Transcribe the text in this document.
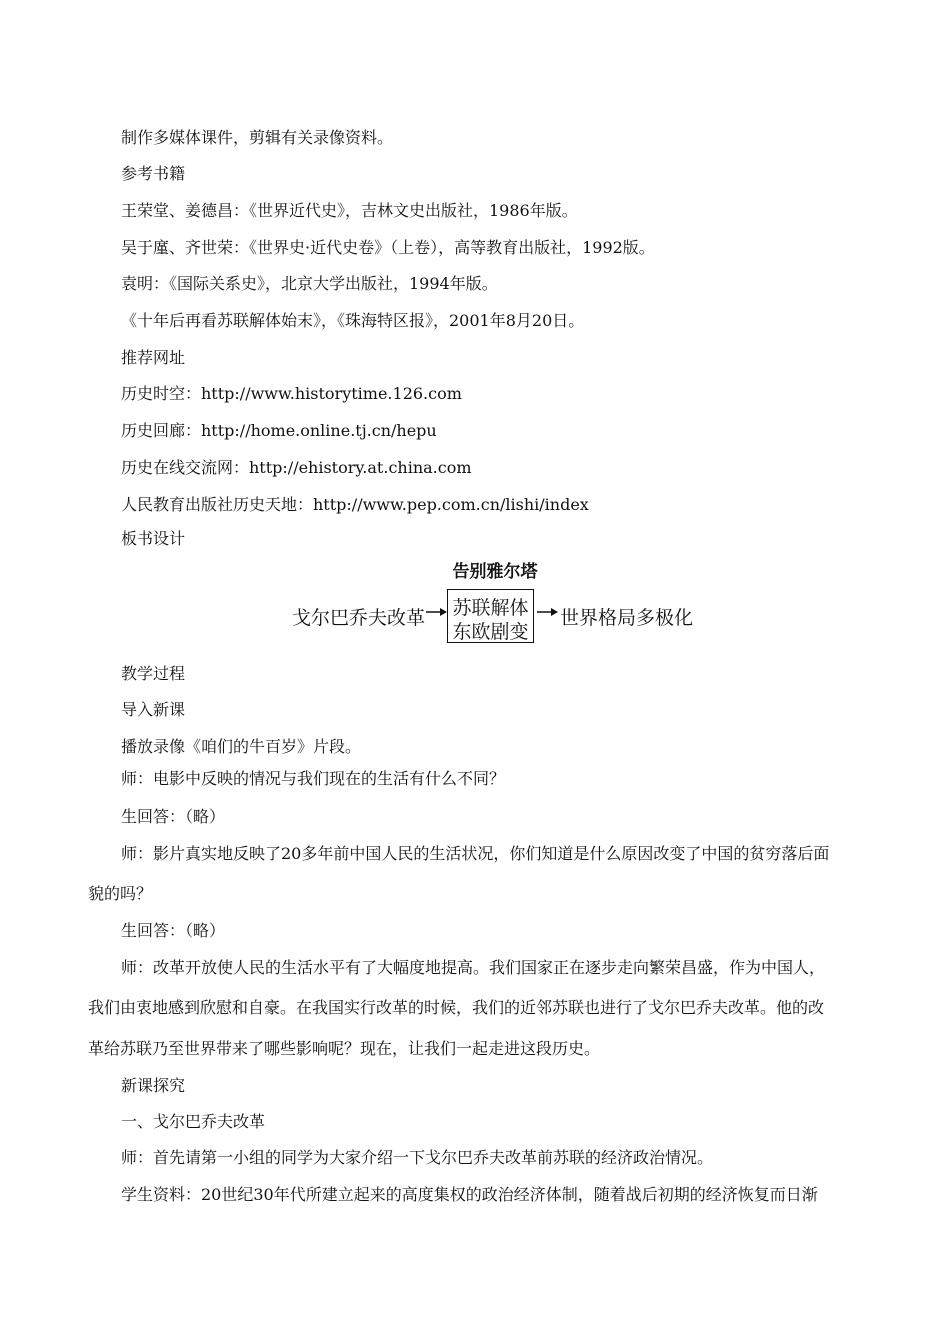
制作多媒体课件，剪辑有关录像资料。
参考书籍
王荣堂、姜德昌：《世界近代史》，吉林文史出版社，1986年版。
吴于廑、齐世荣：《世界史·近代史卷》（上卷），高等教育出版社，1992版。
袁明：《国际关系史》，北京大学出版社，1994年版。
《十年后再看苏联解体始末》，《珠海特区报》，2001年8月20日。
推荐网址
历史时空：http://www.historytime.126.com
历史回廊：http://home.online.tj.cn/hepu
历史在线交流网：http://ehistory.at.china.com
人民教育出版社历史天地：http://www.pep.com.cn/lishi/index
板书设计
告别雅尔塔
戈尔巴乔夫改革 苏联解体
东欧剧变
世界格局多极化
教学过程
导入新课
播放录像《咱们的牛百岁》片段。
师：电影中反映的情况与我们现在的生活有什么不同？
生回答：（略）
师：影片真实地反映了20多年前中国人民的生活状况，你们知道是什么原因改变了中国的贫穷落后面
貌的吗？
生回答：（略）
师：改革开放使人民的生活水平有了大幅度地提高。我们国家正在逐步走向繁荣昌盛，作为中国人，
我们由衷地感到欣慰和自豪。在我国实行改革的时候，我们的近邻苏联也进行了戈尔巴乔夫改革。他的改
革给苏联乃至世界带来了哪些影响呢？现在，让我们一起走进这段历史。
新课探究
一、戈尔巴乔夫改革
师：首先请第一小组的同学为大家介绍一下戈尔巴乔夫改革前苏联的经济政治情况。
学生资料：20世纪30年代所建立起来的高度集权的政治经济体制，随着战后初期的经济恢复而日渐
